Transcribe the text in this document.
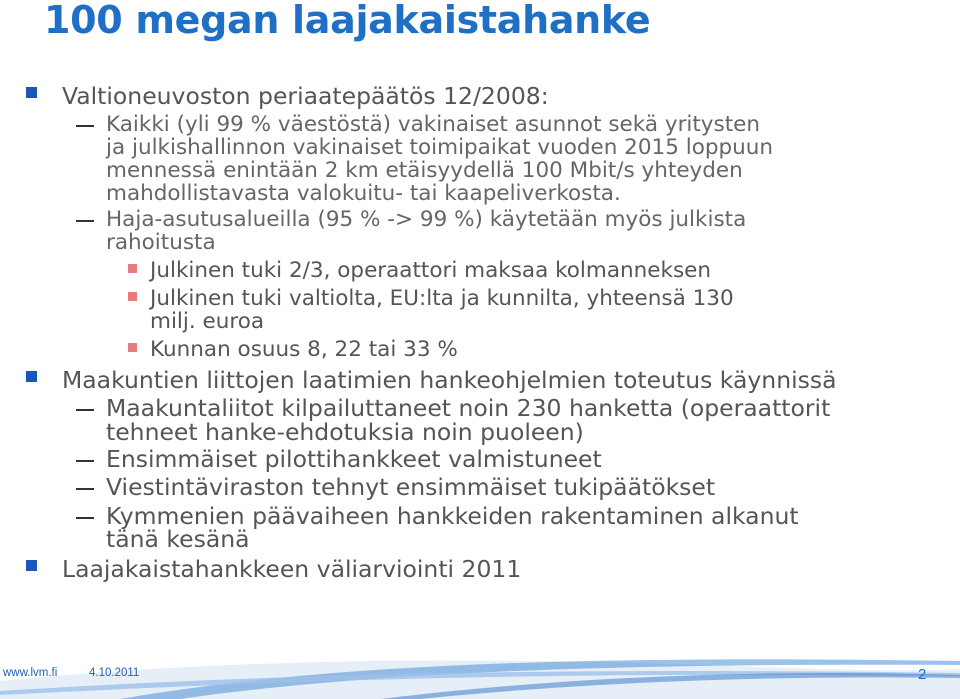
100 megan laajakaistahanke
Valtioneuvoston periaatepäätös 12/2008:
Kaikki (yli 99 % väestöstä) vakinaiset asunnot sekä yritysten
ja julkishallinnon vakinaiset toimipaikat vuoden 2015 loppuun
mennessä enintään 2 km etäisyydellä 100 Mbit/s yhteyden
mahdollistavasta valokuitu- tai kaapeliverkosta.
Haja-asutusalueilla (95 % -> 99 %) käytetään myös julkista
rahoitusta
Julkinen tuki 2/3, operaattori maksaa kolmanneksen
Julkinen tuki valtiolta, EU:lta ja kunnilta, yhteensä 130
milj. euroa
Kunnan osuus 8, 22 tai 33 %
Maakuntien liittojen laatimien hankeohjelmien toteutus käynnissä
Maakuntaliitot kilpailuttaneet noin 230 hanketta (operaattorit
tehneet hanke-ehdotuksia noin puoleen)
Ensimmäiset pilottihankkeet valmistuneet
Viestintäviraston tehnyt ensimmäiset tukipäätökset
Kymmenien päävaiheen hankkeiden rakentaminen alkanut
tänä kesänä
Laajakaistahankkeen väliarviointi 2011
www.lvm.fi	4.10.2011	2
